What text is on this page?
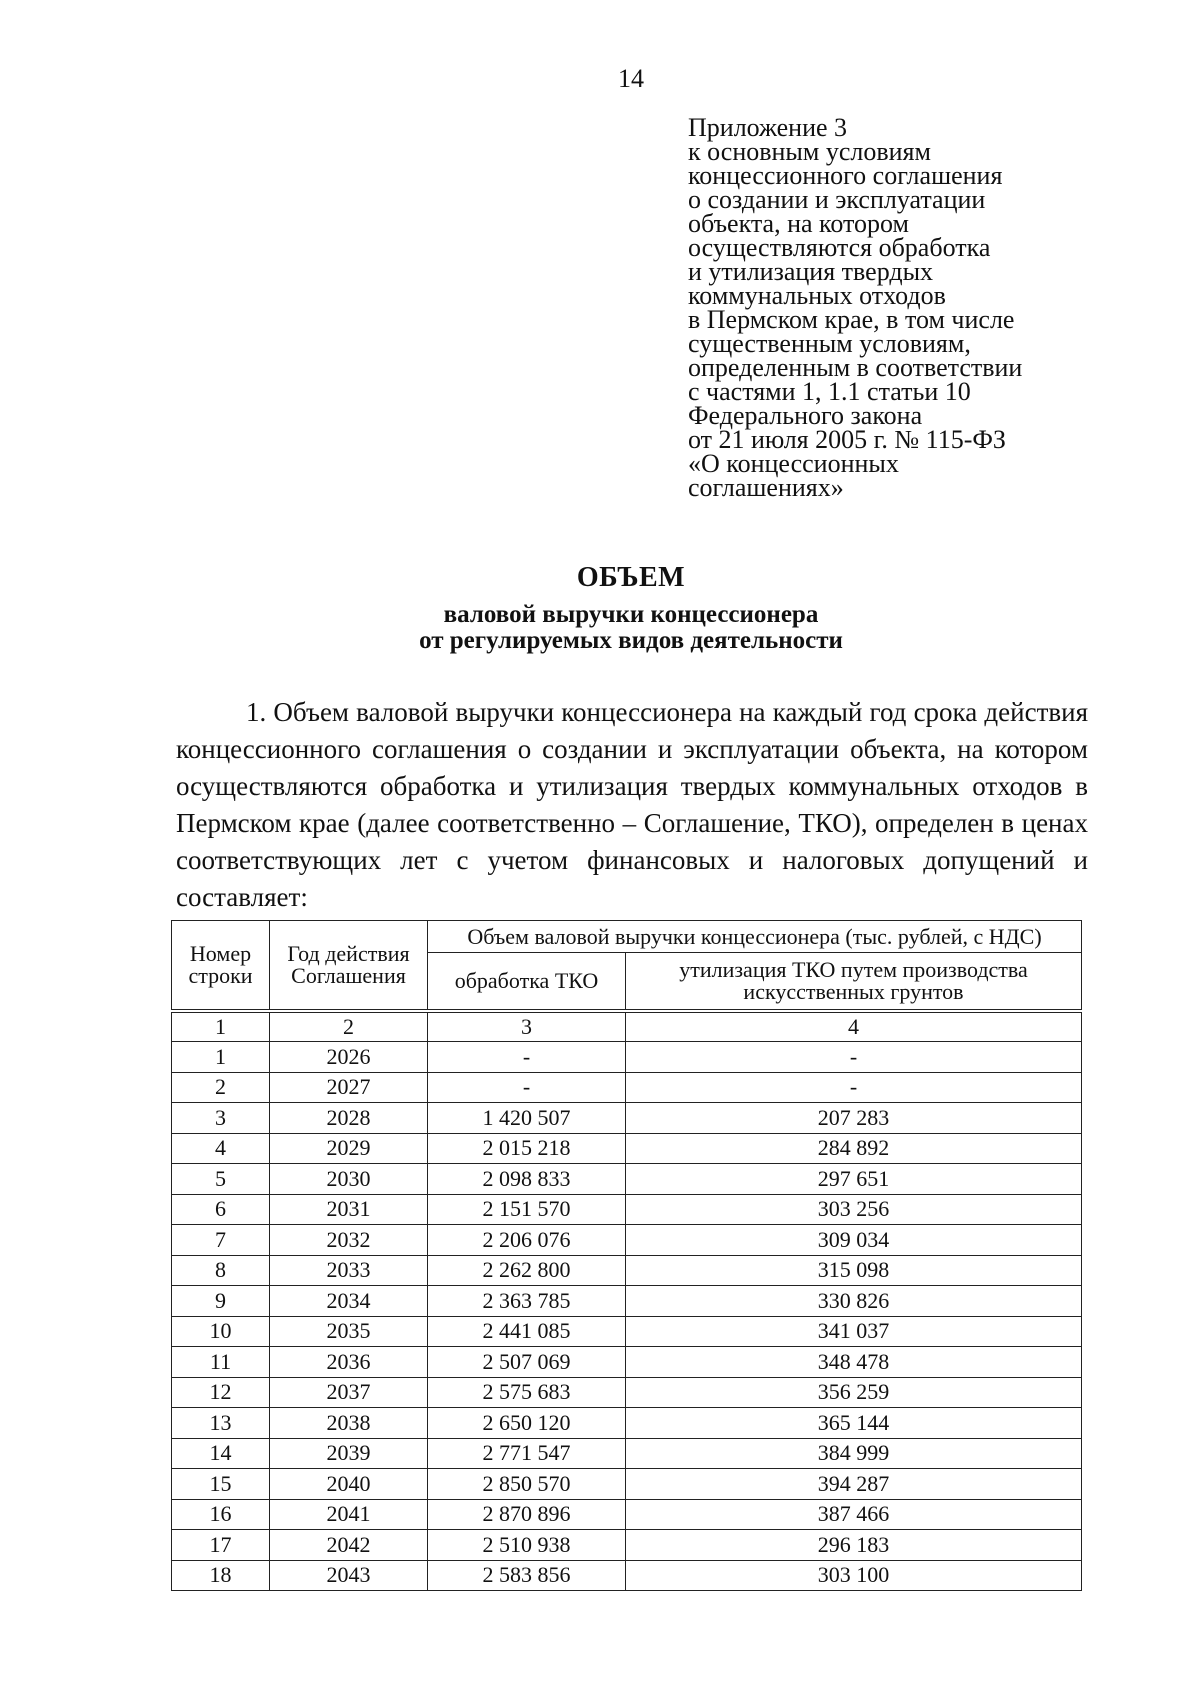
14
Приложение 3
к основным условиям
концессионного соглашения
о создании и эксплуатации
объекта, на котором
осуществляются обработка
и утилизация твердых
коммунальных отходов
в Пермском крае, в том числе
существенным условиям,
определенным в соответствии
с частями 1, 1.1 статьи 10
Федерального закона
от 21 июля 2005 г. № 115-ФЗ
«О концессионных
соглашениях»
ОБЪЕМ
валовой выручки концессионера
от регулируемых видов деятельности
1. Объем валовой выручки концессионера на каждый год срока действия концессионного соглашения о создании и эксплуатации объекта, на котором осуществляются обработка и утилизация твердых коммунальных отходов в Пермском крае (далее соответственно – Соглашение, ТКО), определен в ценах соответствующих лет с учетом финансовых и налоговых допущений и составляет:
Номер строки	Год действия Соглашения	Объем валовой выручки концессионера (тыс. рублей, с НДС)	
		обработка ТКО	утилизация ТКО путем производства искусственных грунтов
1	2	3	4
1	2026	-	-
2	2027	-	-
3	2028	1 420 507	207 283
4	2029	2 015 218	284 892
5	2030	2 098 833	297 651
6	2031	2 151 570	303 256
7	2032	2 206 076	309 034
8	2033	2 262 800	315 098
9	2034	2 363 785	330 826
10	2035	2 441 085	341 037
11	2036	2 507 069	348 478
12	2037	2 575 683	356 259
13	2038	2 650 120	365 144
14	2039	2 771 547	384 999
15	2040	2 850 570	394 287
16	2041	2 870 896	387 466
17	2042	2 510 938	296 183
18	2043	2 583 856	303 100
